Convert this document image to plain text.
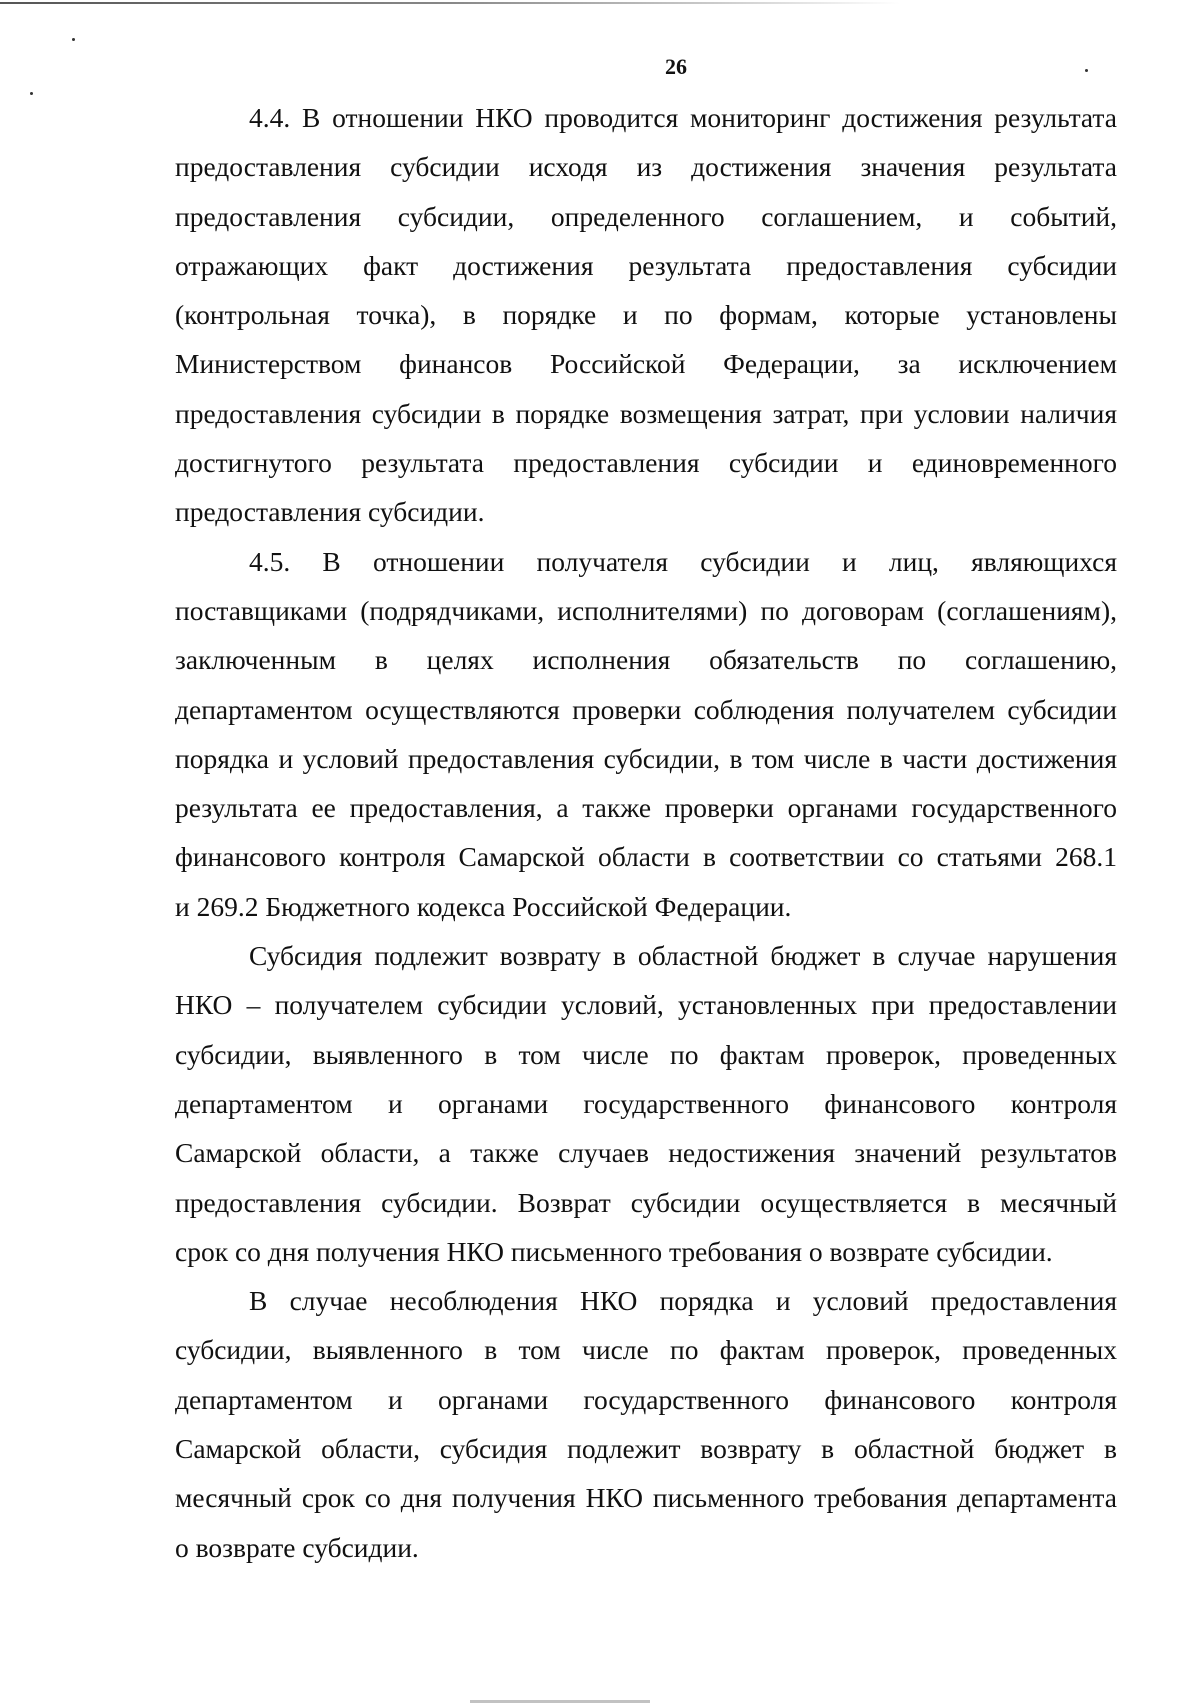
26
4.4. В отношении НКО проводится мониторинг достижения результата
предоставления субсидии исходя из достижения значения результата
предоставления субсидии, определенного соглашением, и событий,
отражающих факт достижения результата предоставления субсидии
(контрольная точка), в порядке и по формам, которые установлены
Министерством финансов Российской Федерации, за исключением
предоставления субсидии в порядке возмещения затрат, при условии наличия
достигнутого результата предоставления субсидии и единовременного
предоставления субсидии.
4.5. В отношении получателя субсидии и лиц, являющихся
поставщиками (подрядчиками, исполнителями) по договорам (соглашениям),
заключенным в целях исполнения обязательств по соглашению,
департаментом осуществляются проверки соблюдения получателем субсидии
порядка и условий предоставления субсидии, в том числе в части достижения
результата ее предоставления, а также проверки органами государственного
финансового контроля Самарской области в соответствии со статьями 268.1
и 269.2 Бюджетного кодекса Российской Федерации.
Субсидия подлежит возврату в областной бюджет в случае нарушения
НКО – получателем субсидии условий, установленных при предоставлении
субсидии, выявленного в том числе по фактам проверок, проведенных
департаментом и органами государственного финансового контроля
Самарской области, а также случаев недостижения значений результатов
предоставления субсидии. Возврат субсидии осуществляется в месячный
срок со дня получения НКО письменного требования о возврате субсидии.
В случае несоблюдения НКО порядка и условий предоставления
субсидии, выявленного в том числе по фактам проверок, проведенных
департаментом и органами государственного финансового контроля
Самарской области, субсидия подлежит возврату в областной бюджет в
месячный срок со дня получения НКО письменного требования департамента
о возврате субсидии.
